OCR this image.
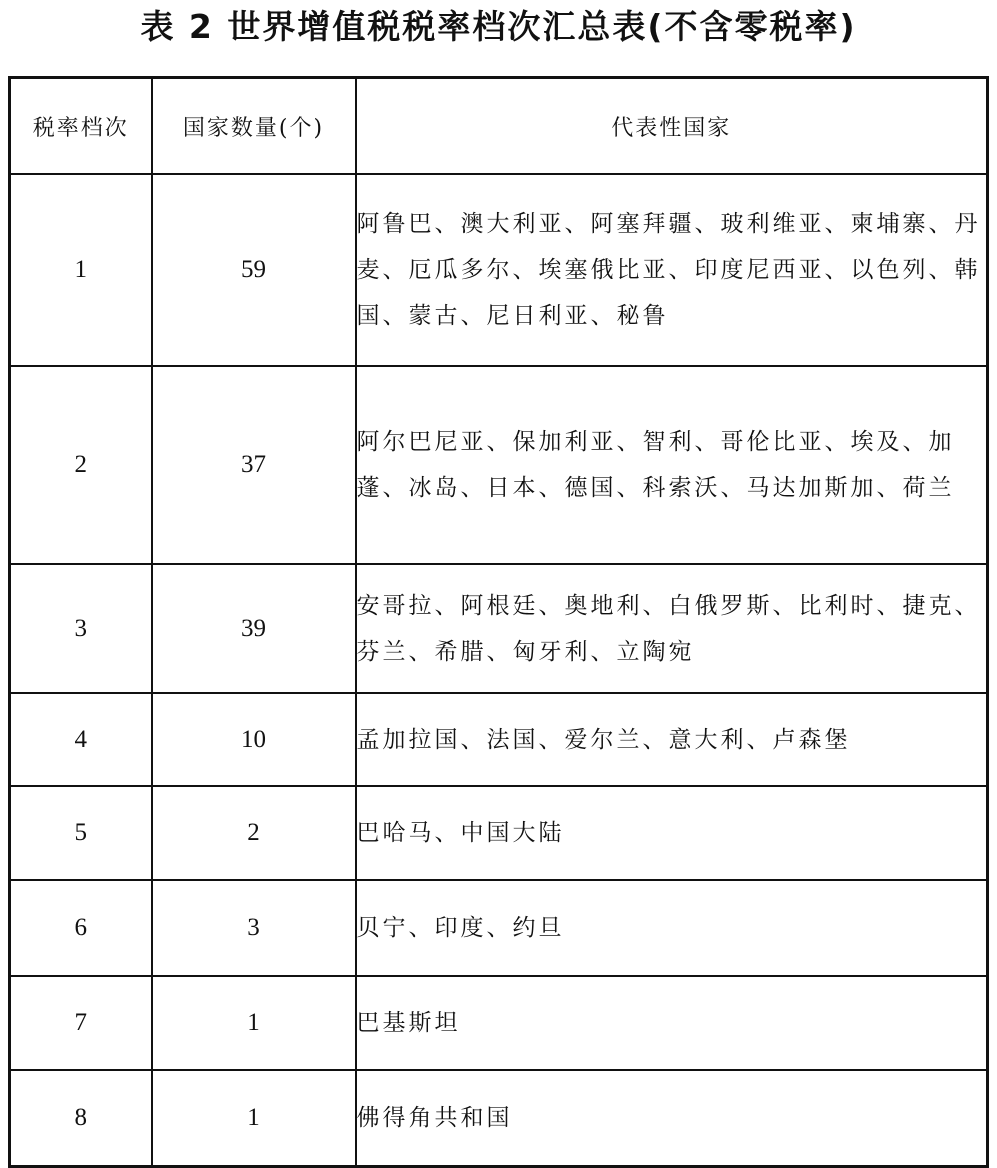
表 2 世界增值税税率档次汇总表(不含零税率)
税率档次	国家数量(个)	代表性国家
1	59	阿鲁巴、澳大利亚、阿塞拜疆、玻利维亚、柬埔寨、丹麦、厄瓜多尔、埃塞俄比亚、印度尼西亚、以色列、韩国、蒙古、尼日利亚、秘鲁
2	37	阿尔巴尼亚、保加利亚、智利、哥伦比亚、埃及、加蓬、冰岛、日本、德国、科索沃、马达加斯加、荷兰
3	39	安哥拉、阿根廷、奥地利、白俄罗斯、比利时、捷克、芬兰、希腊、匈牙利、立陶宛
4	10	孟加拉国、法国、爱尔兰、意大利、卢森堡
5	2	巴哈马、中国大陆
6	3	贝宁、印度、约旦
7	1	巴基斯坦
8	1	佛得角共和国
